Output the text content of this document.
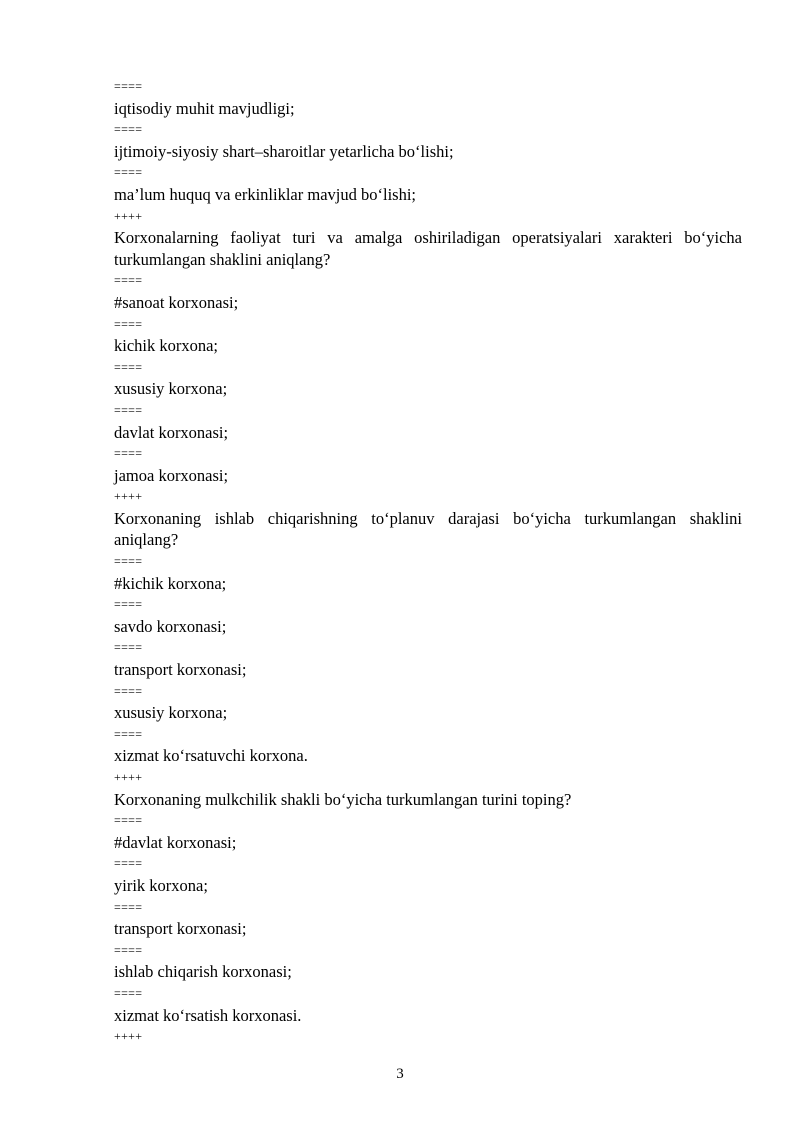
====
iqtisodiy muhit mavjudligi;
====
ijtimoiy-siyosiy shart–sharoitlar yetarlicha bo‘lishi;
====
ma’lum huquq va erkinliklar mavjud bo‘lishi;
++++
Korxonalarning faoliyat turi va amalga oshiriladigan operatsiyalari xarakteri bo‘yicha turkumlangan shaklini aniqlang?
====
#sanoat korxonasi;
====
kichik korxona;
====
xususiy korxona;
====
davlat korxonasi;
====
jamoa korxonasi;
++++
Korxonaning ishlab chiqarishning to‘planuv darajasi bo‘yicha turkumlangan shaklini aniqlang?
====
#kichik korxona;
====
savdo korxonasi;
====
transport korxonasi;
====
xususiy korxona;
====
xizmat ko‘rsatuvchi korxona.
++++
Korxonaning mulkchilik shakli bo‘yicha turkumlangan turini toping?
====
#davlat korxonasi;
====
yirik korxona;
====
transport korxonasi;
====
ishlab chiqarish korxonasi;
====
xizmat ko‘rsatish korxonasi.
++++
3
